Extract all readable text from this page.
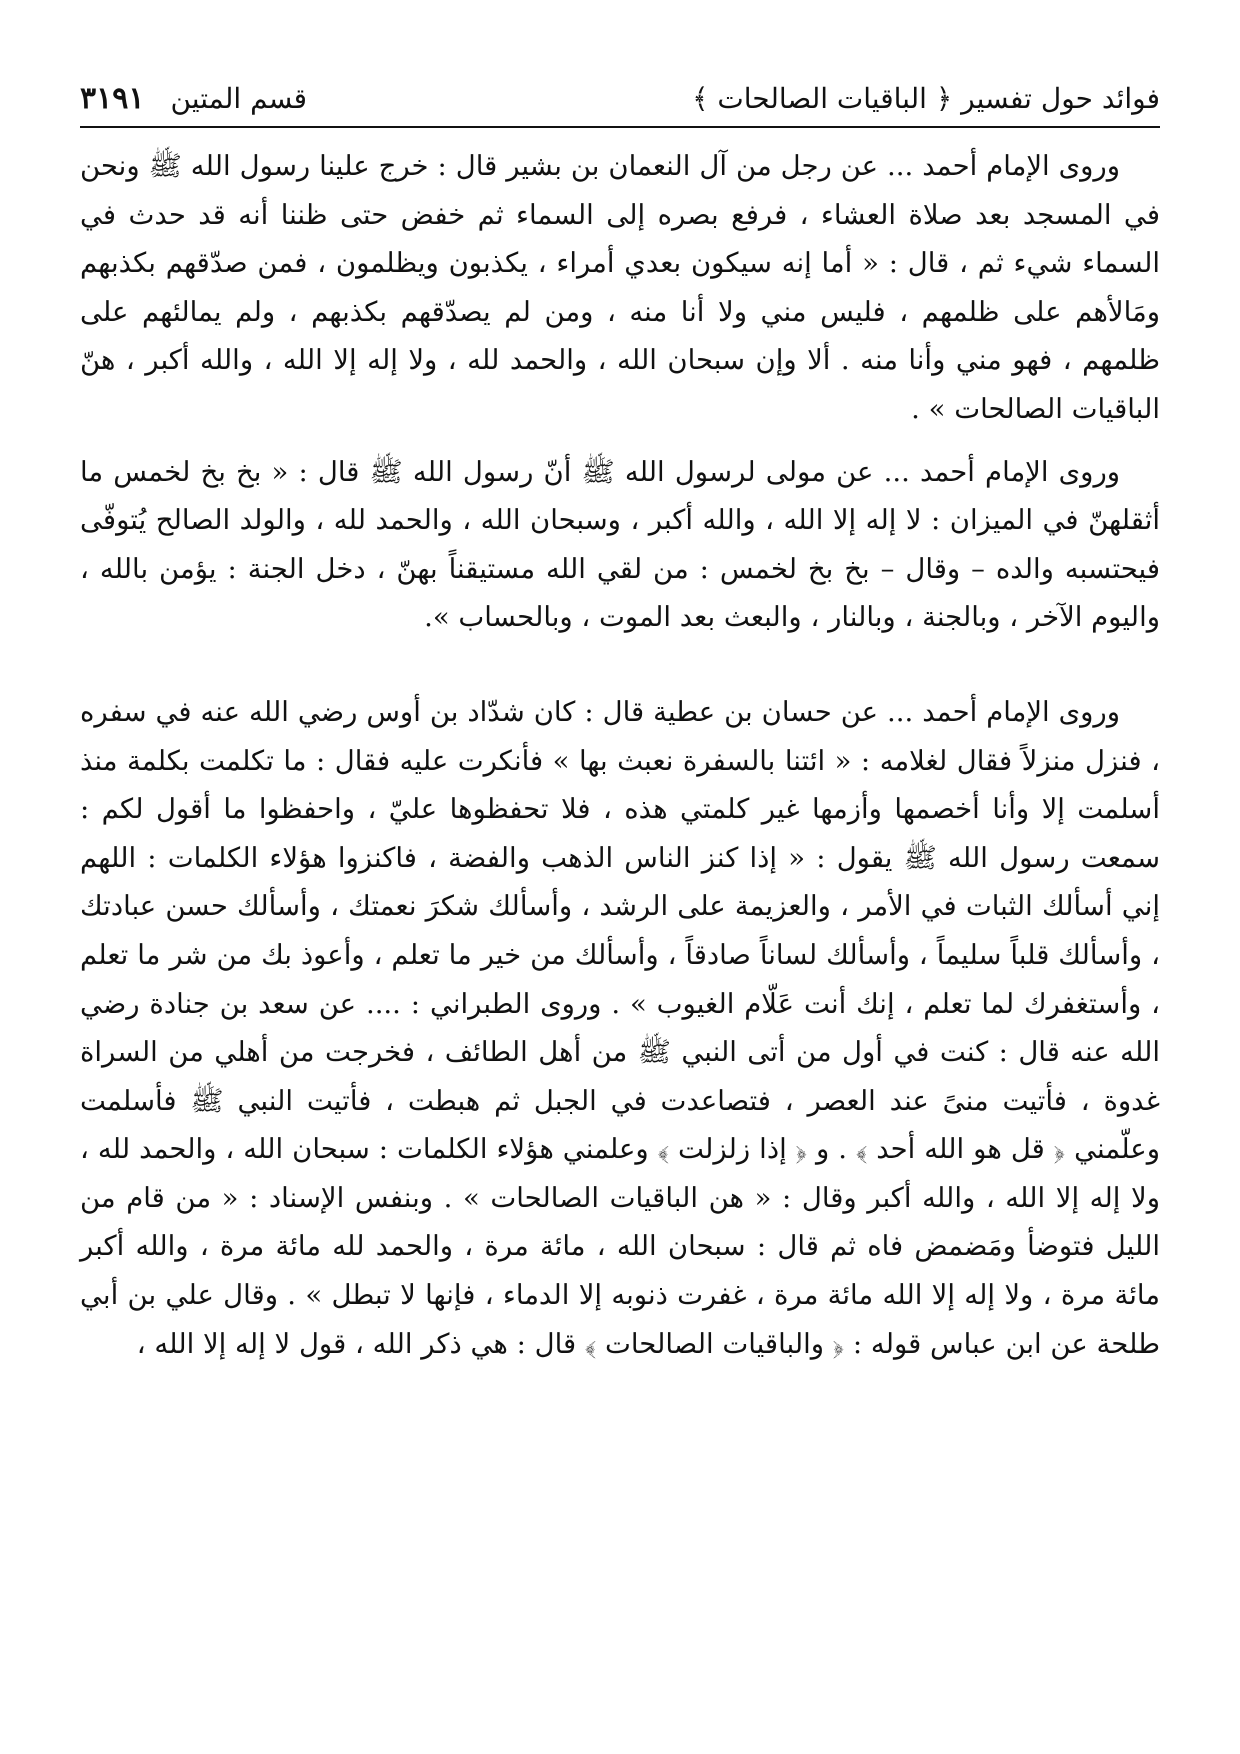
فوائد حول تفسير ﴿ الباقيات الصالحات ﴾
قسم المتين
٣١٩١

وروى الإمام أحمد ... عن رجل من آل النعمان بن بشير قال : خرج علينا رسول الله ﷺ ونحن في المسجد بعد صلاة العشاء ، فرفع بصره إلى السماء ثم خفض حتى ظننا أنه قد حدث في السماء شيء ثم ، قال : « أما إنه سيكون بعدي أمراء ، يكذبون ويظلمون ، فمن صدّقهم بكذبهم ومَالأهم على ظلمهم ، فليس مني ولا أنا منه ، ومن لم يصدّقهم بكذبهم ، ولم يمالئهم على ظلمهم ، فهو مني وأنا منه . ألا وإن سبحان الله ، والحمد لله ، ولا إله إلا الله ، والله أكبر ، هنّ الباقيات الصالحات » .

وروى الإمام أحمد ... عن مولى لرسول الله ﷺ أنّ رسول الله ﷺ قال : « بخ بخ لخمس ما أثقلهنّ في الميزان : لا إله إلا الله ، والله أكبر ، وسبحان الله ، والحمد لله ، والولد الصالح يُتوفّى فيحتسبه والده – وقال – بخ بخ لخمس : من لقي الله مستيقناً بهنّ ، دخل الجنة : يؤمن بالله ، واليوم الآخر ، وبالجنة ، وبالنار ، والبعث بعد الموت ، وبالحساب ».

وروى الإمام أحمد ... عن حسان بن عطية قال : كان شدّاد بن أوس رضي الله عنه في سفره ، فنزل منزلاً فقال لغلامه : « ائتنا بالسفرة نعبث بها » فأنكرت عليه فقال : ما تكلمت بكلمة منذ أسلمت إلا وأنا أخصمها وأزمها غير كلمتي هذه ، فلا تحفظوها عليّ ، واحفظوا ما أقول لكم : سمعت رسول الله ﷺ يقول : « إذا كنز الناس الذهب والفضة ، فاكنزوا هؤلاء الكلمات : اللهم إني أسألك الثبات في الأمر ، والعزيمة على الرشد ، وأسألك شكرَ نعمتك ، وأسألك حسن عبادتك ، وأسألك قلباً سليماً ، وأسألك لساناً صادقاً ، وأسألك من خير ما تعلم ، وأعوذ بك من شر ما تعلم ، وأستغفرك لما تعلم ، إنك أنت عَلّام الغيوب » . وروى الطبراني : .... عن سعد بن جنادة رضي الله عنه قال : كنت في أول من أتى النبي ﷺ من أهل الطائف ، فخرجت من أهلي من السراة غدوة ، فأتيت منىً عند العصر ، فتصاعدت في الجبل ثم هبطت ، فأتيت النبي ﷺ فأسلمت وعلّمني ﴿ قل هو الله أحد ﴾ . و ﴿ إذا زلزلت ﴾ وعلمني هؤلاء الكلمات : سبحان الله ، والحمد لله ، ولا إله إلا الله ، والله أكبر وقال : « هن الباقيات الصالحات » . وبنفس الإسناد : « من قام من الليل فتوضأ ومَضمض فاه ثم قال : سبحان الله ، مائة مرة ، والحمد لله مائة مرة ، والله أكبر مائة مرة ، ولا إله إلا الله مائة مرة ، غفرت ذنوبه إلا الدماء ، فإنها لا تبطل » . وقال علي بن أبي طلحة عن ابن عباس قوله : ﴿ والباقيات الصالحات ﴾ قال : هي ذكر الله ، قول لا إله إلا الله ،
